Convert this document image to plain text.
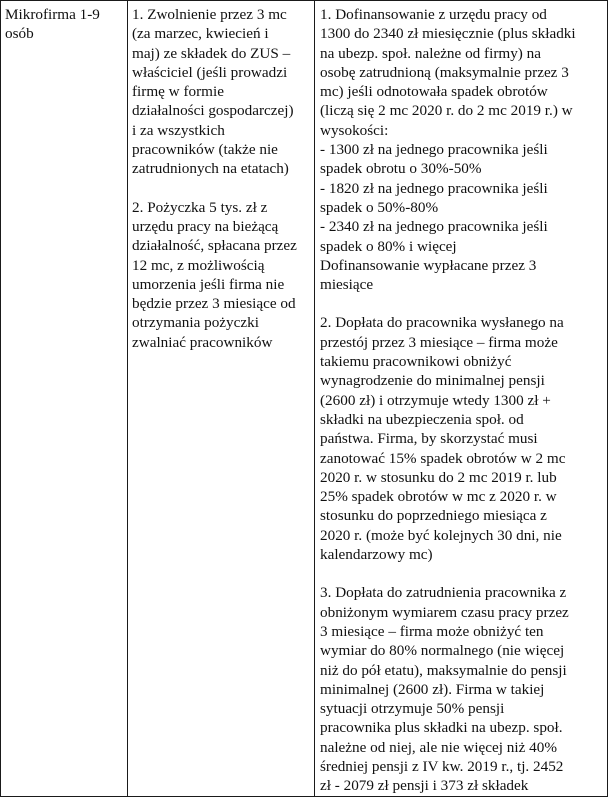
Mikrofirma 1-9
osób

1. Zwolnienie przez 3 mc
(za marzec, kwiecień i
maj) ze składek do ZUS –
właściciel (jeśli prowadzi
firmę w formie
działalności gospodarczej)
i za wszystkich
pracowników (także nie
zatrudnionych na etatach)
2. Pożyczka 5 tys. zł z
urzędu pracy na bieżącą
działalność, spłacana przez
12 mc, z możliwością
umorzenia jeśli firma nie
będzie przez 3 miesiące od
otrzymania pożyczki
zwalniać pracowników

1. Dofinansowanie z urzędu pracy od
1300 do 2340 zł miesięcznie (plus składki
na ubezp. społ. należne od firmy) na
osobę zatrudnioną (maksymalnie przez 3
mc) jeśli odnotowała spadek obrotów
(liczą się 2 mc 2020 r. do 2 mc 2019 r.) w
wysokości:
- 1300 zł na jednego pracownika jeśli
spadek obrotu o 30%-50%
- 1820 zł na jednego pracownika jeśli
spadek o 50%-80%
- 2340 zł na jednego pracownika jeśli
spadek o 80% i więcej
Dofinansowanie wypłacane przez 3
miesiące
2. Dopłata do pracownika wysłanego na
przestój przez 3 miesiące – firma może
takiemu pracownikowi obniżyć
wynagrodzenie do minimalnej pensji
(2600 zł) i otrzymuje wtedy 1300 zł +
składki na ubezpieczenia społ. od
państwa. Firma, by skorzystać musi
zanotować 15% spadek obrotów w 2 mc
2020 r. w stosunku do 2 mc 2019 r. lub
25% spadek obrotów w mc z 2020 r. w
stosunku do poprzedniego miesiąca z
2020 r. (może być kolejnych 30 dni, nie
kalendarzowy mc)
3. Dopłata do zatrudnienia pracownika z
obniżonym wymiarem czasu pracy przez
3 miesiące – firma może obniżyć ten
wymiar do 80% normalnego (nie więcej
niż do pół etatu), maksymalnie do pensji
minimalnej (2600 zł). Firma w takiej
sytuacji otrzymuje 50% pensji
pracownika plus składki na ubezp. społ.
należne od niej, ale nie więcej niż 40%
średniej pensji z IV kw. 2019 r., tj. 2452
zł - 2079 zł pensji i 373 zł składek
